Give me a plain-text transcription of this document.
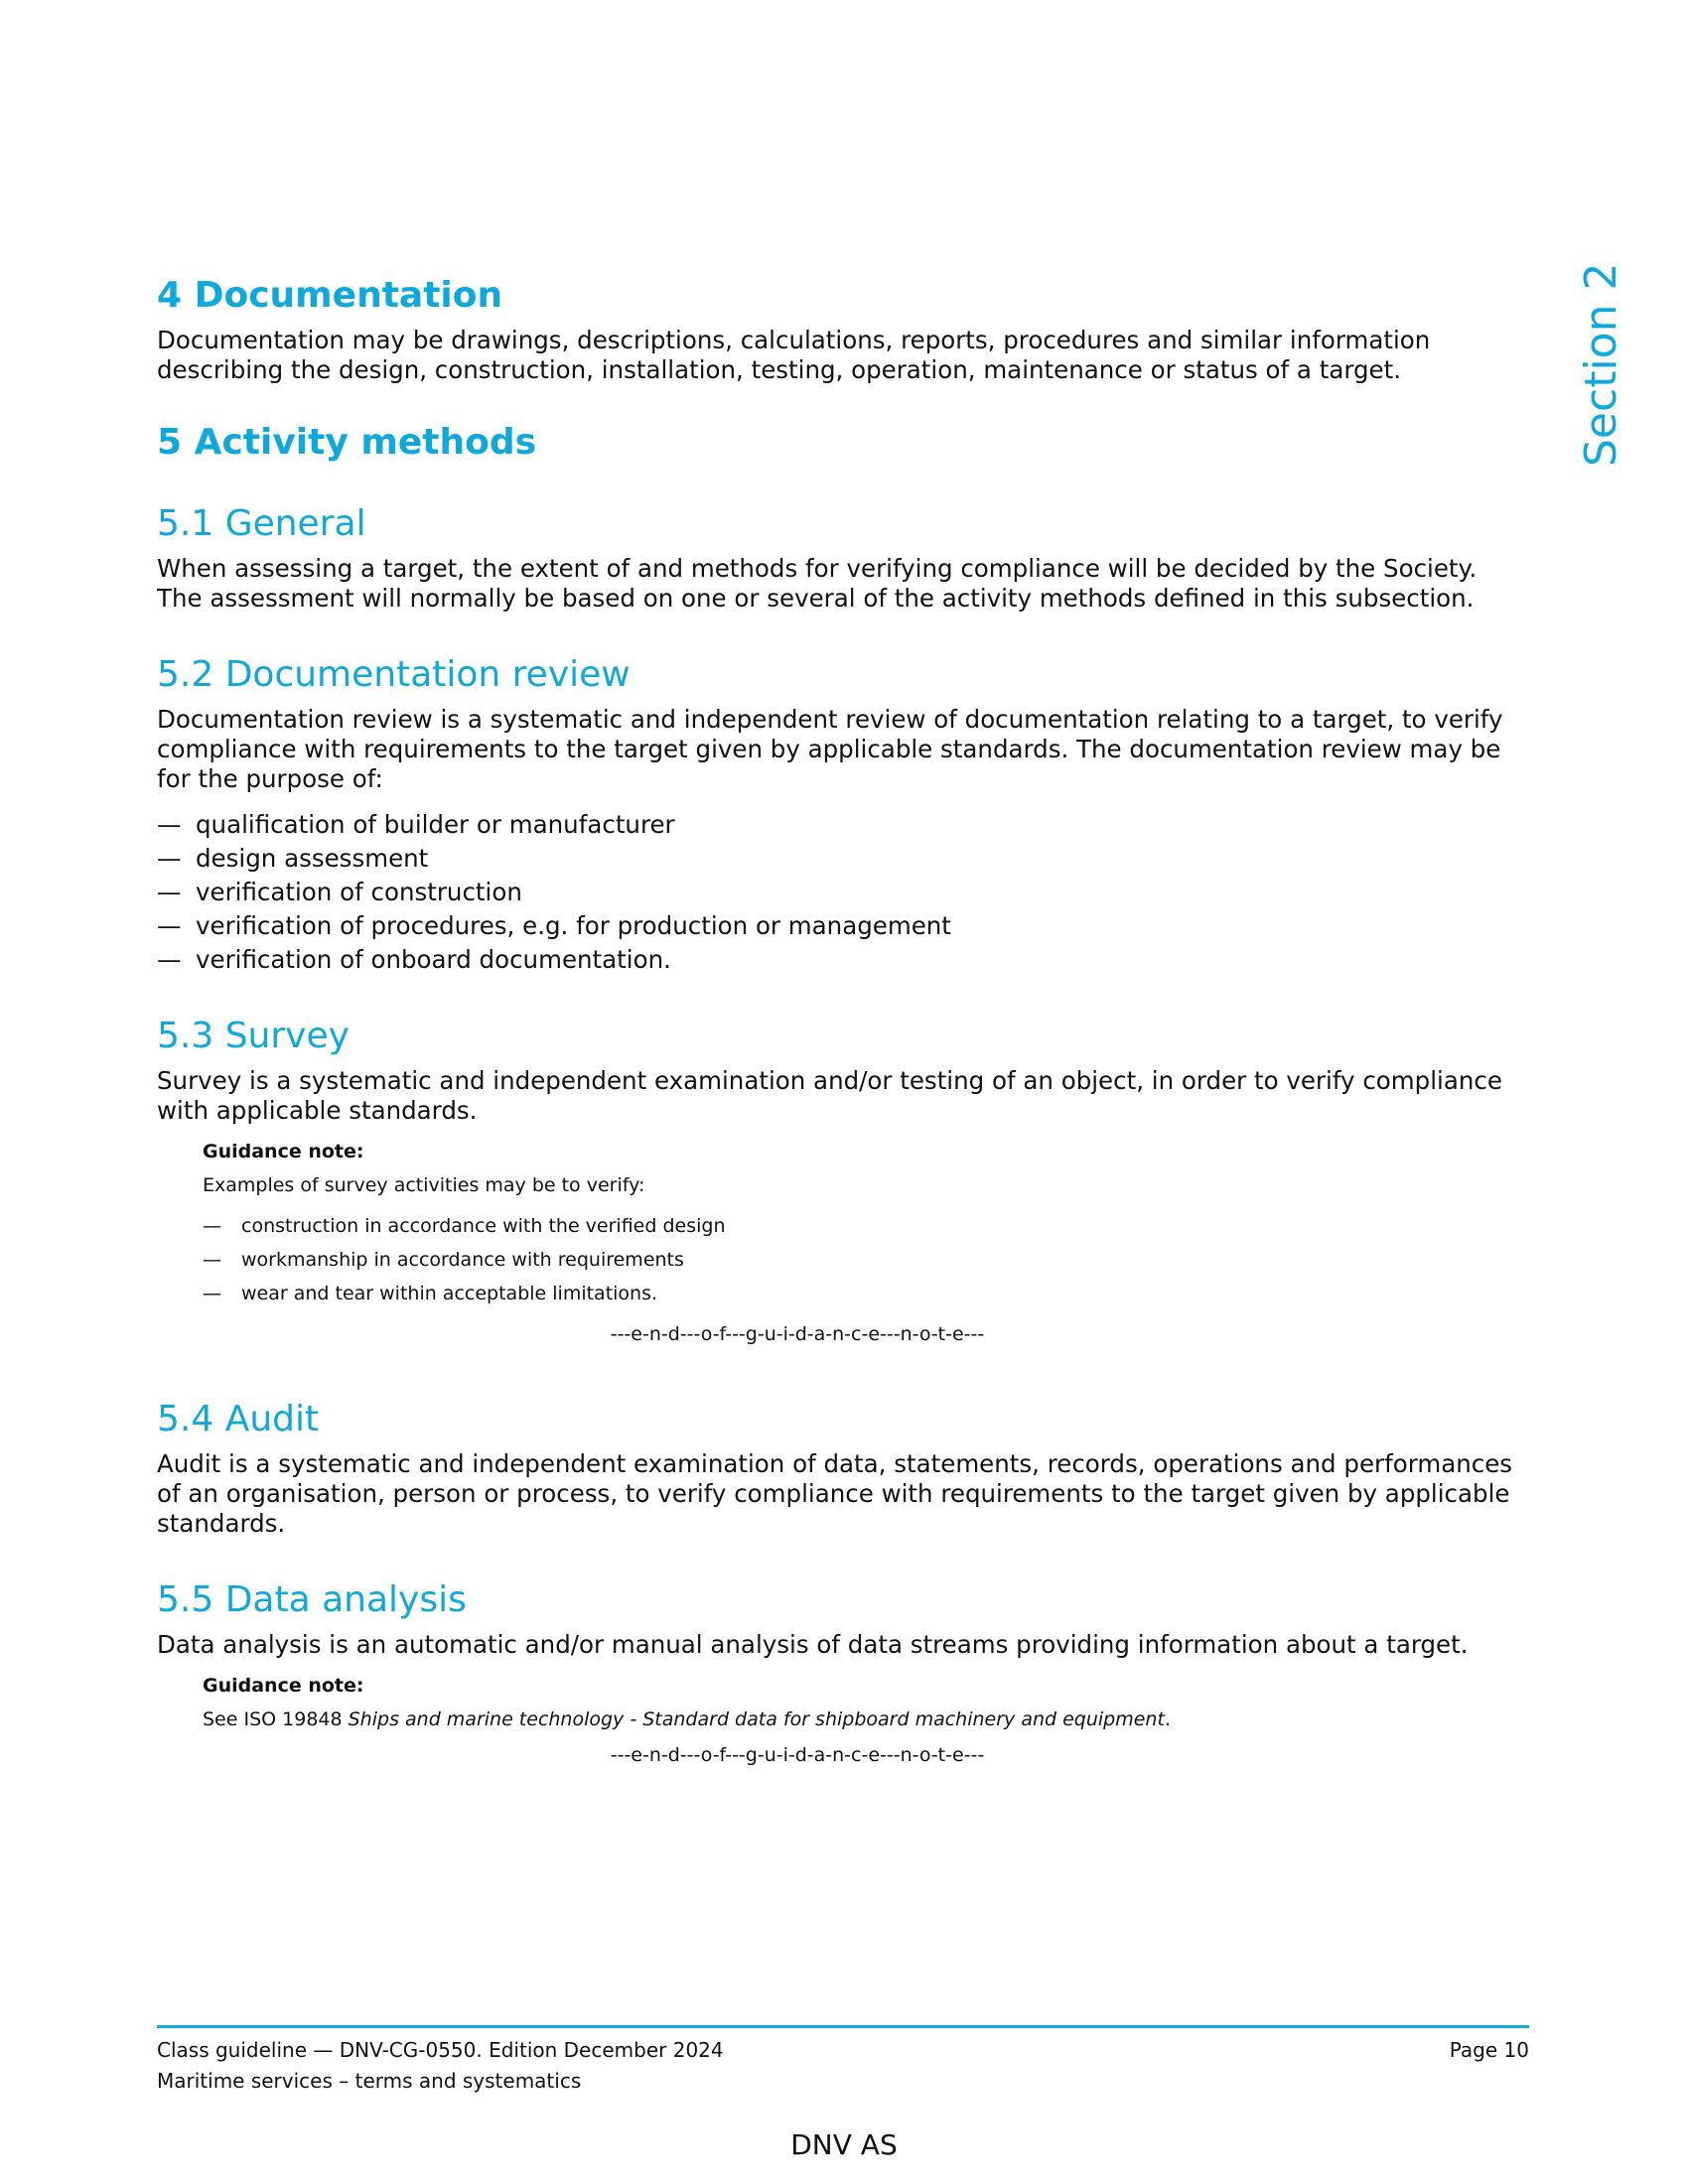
Section 2
4 Documentation

Documentation may be drawings, descriptions, calculations, reports, procedures and similar information describing the design, construction, installation, testing, operation, maintenance or status of a target.

5 Activity methods
5.1 General

When assessing a target, the extent of and methods for verifying compliance will be decided by the Society. The assessment will normally be based on one or several of the activity methods defined in this subsection.

5.2 Documentation review

Documentation review is a systematic and independent review of documentation relating to a target, to verify compliance with requirements to the target given by applicable standards. The documentation review may be for the purpose of:

— qualification of builder or manufacturer
— design assessment
— verification of construction
— verification of procedures, e.g. for production or management
— verification of onboard documentation.
5.3 Survey

Survey is a systematic and independent examination and/or testing of an object, in order to verify compliance with applicable standards.

Guidance note:

Examples of survey activities may be to verify:

— construction in accordance with the verified design
— workmanship in accordance with requirements
— wear and tear within acceptable limitations.
---e-n-d---o-f---g-u-i-d-a-n-c-e---n-o-t-e---
5.4 Audit

Audit is a systematic and independent examination of data, statements, records, operations and performances of an organisation, person or process, to verify compliance with requirements to the target given by applicable standards.

5.5 Data analysis

Data analysis is an automatic and/or manual analysis of data streams providing information about a target.

Guidance note:

See ISO 19848 Ships and marine technology - Standard data for shipboard machinery and equipment.

---e-n-d---o-f---g-u-i-d-a-n-c-e---n-o-t-e---
Class guideline — DNV-CG-0550. Edition December 2024
Maritime services – terms and systematics
Page 10
DNV AS
